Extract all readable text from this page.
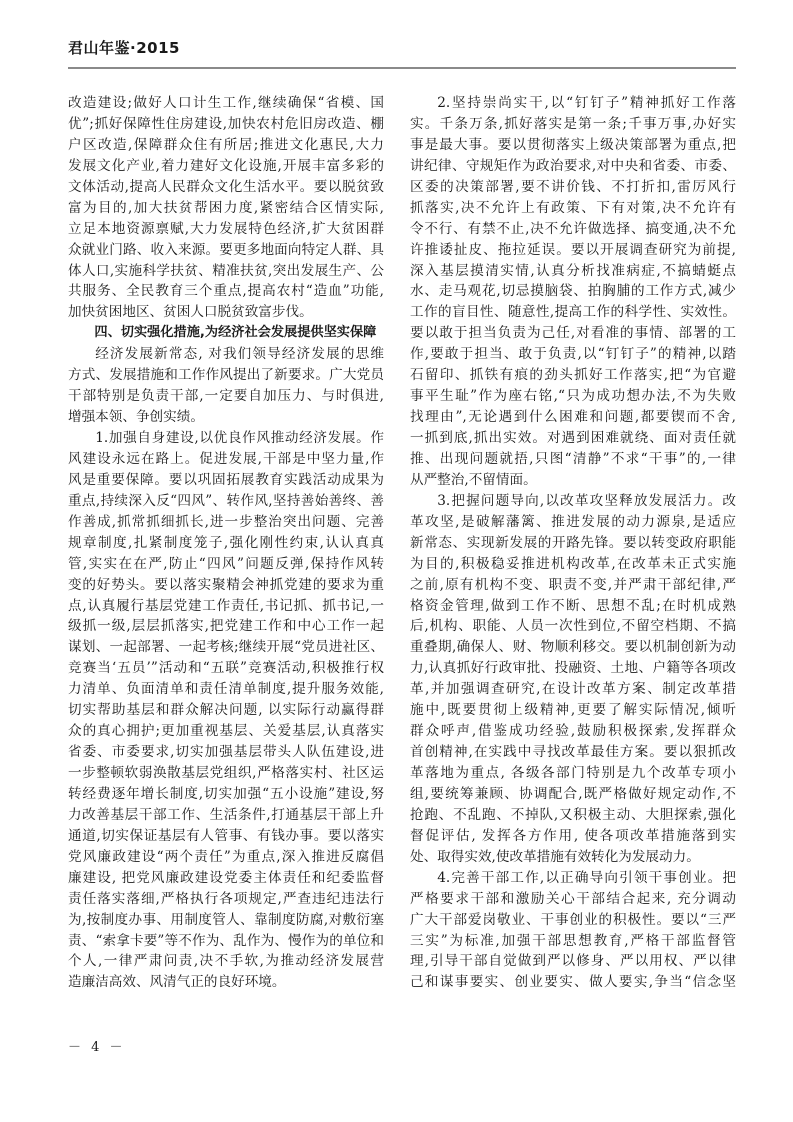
君山年鉴·2015
改造建设;做好人口计生工作,继续确保“省模、国
优”;抓好保障性住房建设,加快农村危旧房改造、棚
户区改造,保障群众住有所居;推进文化惠民,大力
发展文化产业,着力建好文化设施,开展丰富多彩的
文体活动,提高人民群众文化生活水平。要以脱贫致
富为目的,加大扶贫帮困力度,紧密结合区情实际,
立足本地资源禀赋,大力发展特色经济,扩大贫困群
众就业门路、收入来源。要更多地面向特定人群、具
体人口,实施科学扶贫、精准扶贫,突出发展生产、公
共服务、全民教育三个重点,提高农村“造血”功能,
加快贫困地区、贫困人口脱贫致富步伐。
四、切实强化措施,为经济社会发展提供坚实保障
经济发展新常态, 对我们领导经济发展的思维
方式、发展措施和工作作风提出了新要求。广大党员
干部特别是负责干部,一定要自加压力、与时俱进,
增强本领、争创实绩。
1.加强自身建设,以优良作风推动经济发展。作
风建设永远在路上。促进发展,干部是中坚力量,作
风是重要保障。要以巩固拓展教育实践活动成果为
重点,持续深入反“四风”、转作风,坚持善始善终、善
作善成,抓常抓细抓长,进一步整治突出问题、完善
规章制度,扎紧制度笼子,强化刚性约束,认认真真
管,实实在在严,防止“四风”问题反弹,保持作风转
变的好势头。要以落实聚精会神抓党建的要求为重
点,认真履行基层党建工作责任,书记抓、抓书记,一
级抓一级,层层抓落实,把党建工作和中心工作一起
谋划、一起部署、一起考核;继续开展“党员进社区、
竞赛当‘五员’”活动和“五联”竞赛活动,积极推行权
力清单、负面清单和责任清单制度,提升服务效能,
切实帮助基层和群众解决问题, 以实际行动赢得群
众的真心拥护;更加重视基层、关爱基层,认真落实
省委、市委要求,切实加强基层带头人队伍建设,进
一步整顿软弱涣散基层党组织,严格落实村、社区运
转经费逐年增长制度,切实加强“五小设施”建设,努
力改善基层干部工作、生活条件,打通基层干部上升
通道,切实保证基层有人管事、有钱办事。要以落实
党风廉政建设“两个责任”为重点,深入推进反腐倡
廉建设, 把党风廉政建设党委主体责任和纪委监督
责任落实落细,严格执行各项规定,严查违纪违法行
为,按制度办事、用制度管人、靠制度防腐,对敷衍塞
责、“索拿卡要”等不作为、乱作为、慢作为的单位和
个人,一律严肃问责,决不手软,为推动经济发展营
造廉洁高效、风清气正的良好环境。
2.坚持崇尚实干,以“钉钉子”精神抓好工作落
实。千条万条,抓好落实是第一条;千事万事,办好实
事是最大事。要以贯彻落实上级决策部署为重点,把
讲纪律、守规矩作为政治要求,对中央和省委、市委、
区委的决策部署,要不讲价钱、不打折扣,雷厉风行
抓落实,决不允许上有政策、下有对策,决不允许有
令不行、有禁不止,决不允许做选择、搞变通,决不允
许推诿扯皮、拖拉延误。要以开展调查研究为前提,
深入基层摸清实情,认真分析找准病症,不搞蜻蜓点
水、走马观花,切忌摸脑袋、拍胸脯的工作方式,减少
工作的盲目性、随意性,提高工作的科学性、实效性。
要以敢于担当负责为己任,对看准的事情、部署的工
作,要敢于担当、敢于负责,以“钉钉子”的精神,以踏
石留印、抓铁有痕的劲头抓好工作落实,把“为官避
事平生耻”作为座右铭,“只为成功想办法,不为失败
找理由”,无论遇到什么困难和问题,都要锲而不舍,
一抓到底,抓出实效。对遇到困难就绕、面对责任就
推、出现问题就捂,只图“清静”不求“干事”的,一律
从严整治,不留情面。
3.把握问题导向,以改革攻坚释放发展活力。改
革攻坚,是破解藩篱、推进发展的动力源泉,是适应
新常态、实现新发展的开路先锋。要以转变政府职能
为目的,积极稳妥推进机构改革,在改革未正式实施
之前,原有机构不变、职责不变,并严肃干部纪律,严
格资金管理,做到工作不断、思想不乱;在时机成熟
后,机构、职能、人员一次性到位,不留空档期、不搞
重叠期,确保人、财、物顺利移交。要以机制创新为动
力,认真抓好行政审批、投融资、土地、户籍等各项改
革,并加强调查研究,在设计改革方案、制定改革措
施中,既要贯彻上级精神,更要了解实际情况,倾听
群众呼声,借鉴成功经验,鼓励积极探索,发挥群众
首创精神,在实践中寻找改革最佳方案。要以狠抓改
革落地为重点, 各级各部门特别是九个改革专项小
组,要统筹兼顾、协调配合,既严格做好规定动作,不
抢跑、不乱跑、不掉队,又积极主动、大胆探索,强化
督促评估, 发挥各方作用, 使各项改革措施落到实
处、取得实效,使改革措施有效转化为发展动力。
4.完善干部工作,以正确导向引领干事创业。把
严格要求干部和激励关心干部结合起来, 充分调动
广大干部爱岗敬业、干事创业的积极性。要以“三严
三实”为标准,加强干部思想教育,严格干部监督管
理,引导干部自觉做到严以修身、严以用权、严以律
己和谋事要实、创业要实、做人要实,争当“信念坚
－ 4 －
